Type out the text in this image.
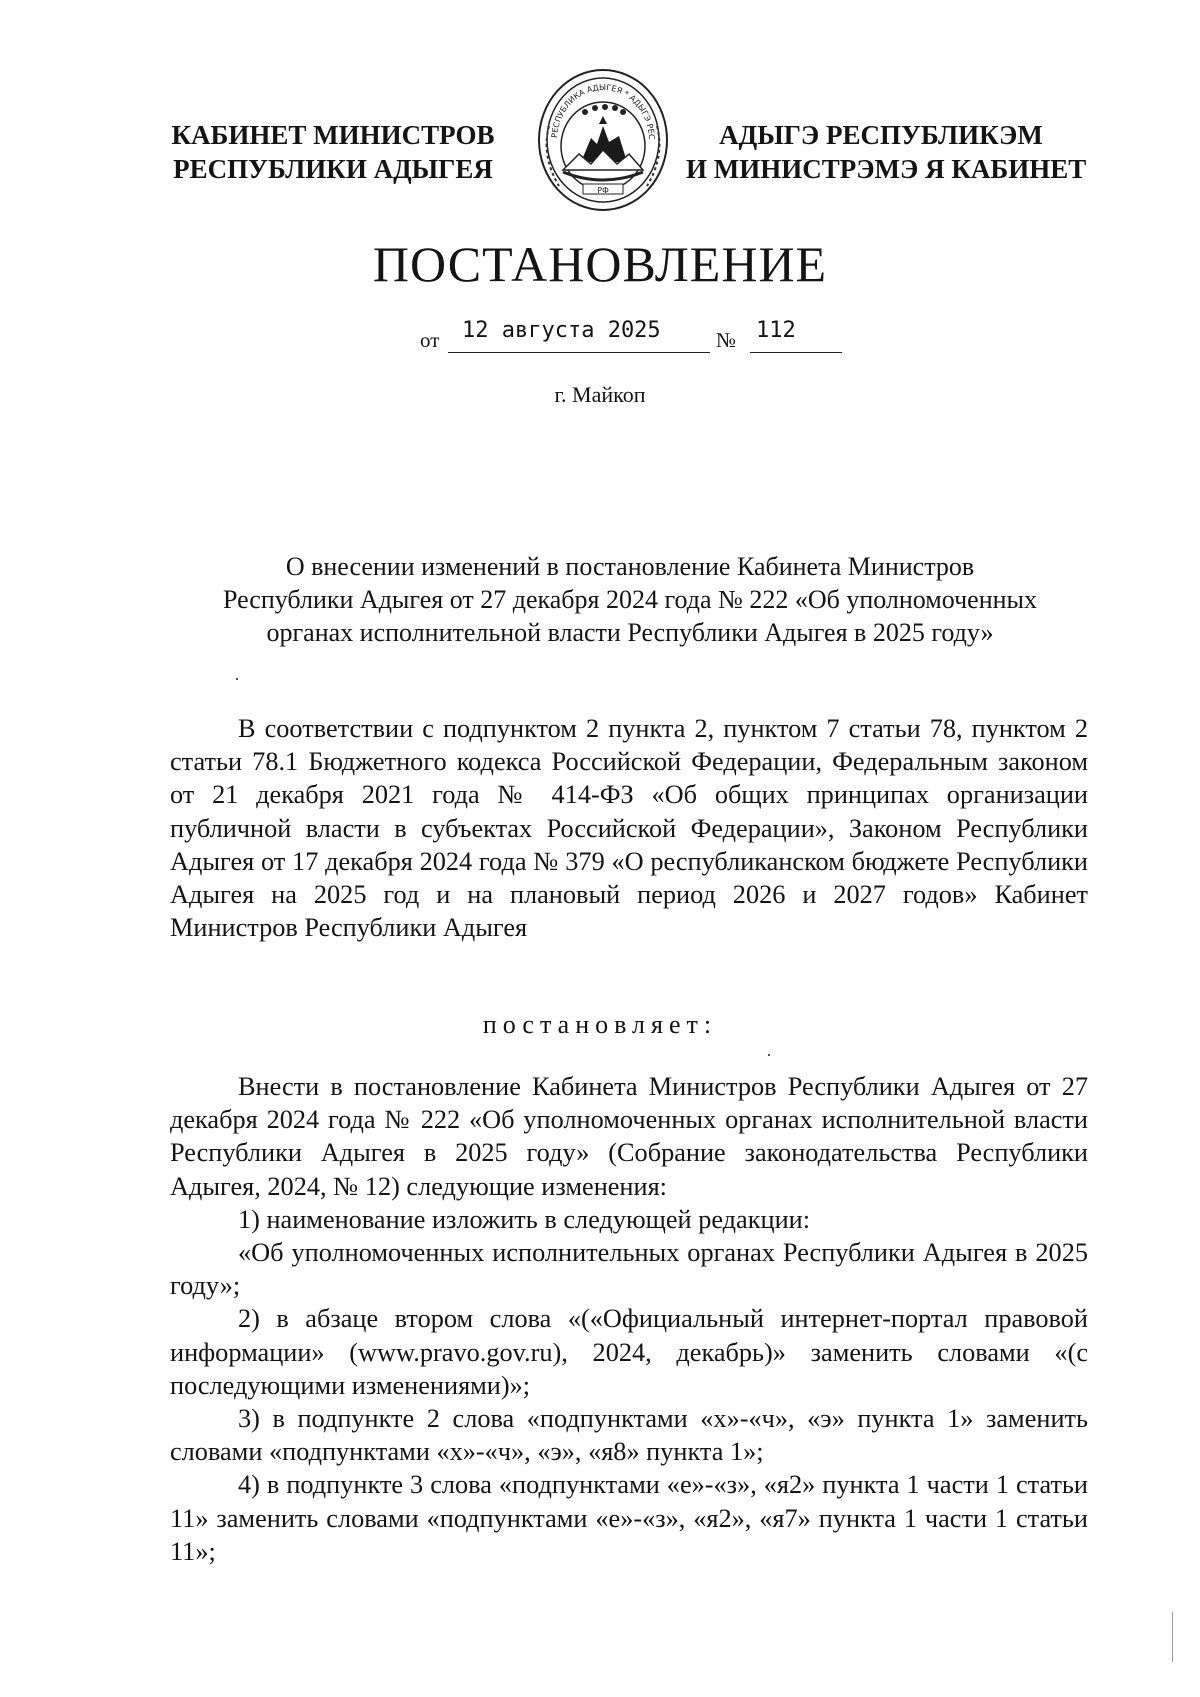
КАБИНЕТ МИНИСТРОВ
РЕСПУБЛИКИ АДЫГЕЯ
РЕСПУБЛИКА АДЫГЕЯ * АДЫГЭ РЕС
РФ
АДЫГЭ РЕСПУБЛИКЭМ
И МИНИСТРЭМЭ Я КАБИНЕТ
ПОСТАНОВЛЕНИЕ
от 12 августа 2025	№ 112
г. Майкоп
О внесении изменений в постановление Кабинета Министров
Республики Адыгея от 27 декабря 2024 года № 222 «Об уполномоченных
органах исполнительной власти Республики Адыгея в 2025 году»

В соответствии с подпунктом 2 пункта 2, пунктом 7 статьи 78, пунктом 2 статьи 78.1 Бюджетного кодекса Российской Федерации, Федеральным законом от 21 декабря 2021 года № 414-ФЗ «Об общих принципах организации публичной власти в субъектах Российской Федерации», Законом Республики Адыгея от 17 декабря 2024 года № 379 «О республиканском бюджете Республики Адыгея на 2025 год и на плановый период 2026 и 2027 годов» Кабинет Министров Республики Адыгея

постановляет:

Внести в постановление Кабинета Министров Республики Адыгея от 27 декабря 2024 года № 222 «Об уполномоченных органах исполнительной власти Республики Адыгея в 2025 году» (Собрание законодательства Республики Адыгея, 2024, № 12) следующие изменения:

1) наименование изложить в следующей редакции:

«Об уполномоченных исполнительных органах Республики Адыгея в 2025 году»;

2) в абзаце втором слова «(«Официальный интернет-портал правовой информации» (www.pravo.gov.ru), 2024, декабрь)» заменить словами «(с последующими изменениями)»;

3) в подпункте 2 слова «подпунктами «х»-«ч», «э» пункта 1» заменить словами «подпунктами «х»-«ч», «э», «я8» пункта 1»;

4) в подпункте 3 слова «подпунктами «е»-«з», «я2» пункта 1 части 1 статьи 11» заменить словами «подпунктами «е»-«з», «я2», «я7» пункта 1 части 1 статьи 11»;
